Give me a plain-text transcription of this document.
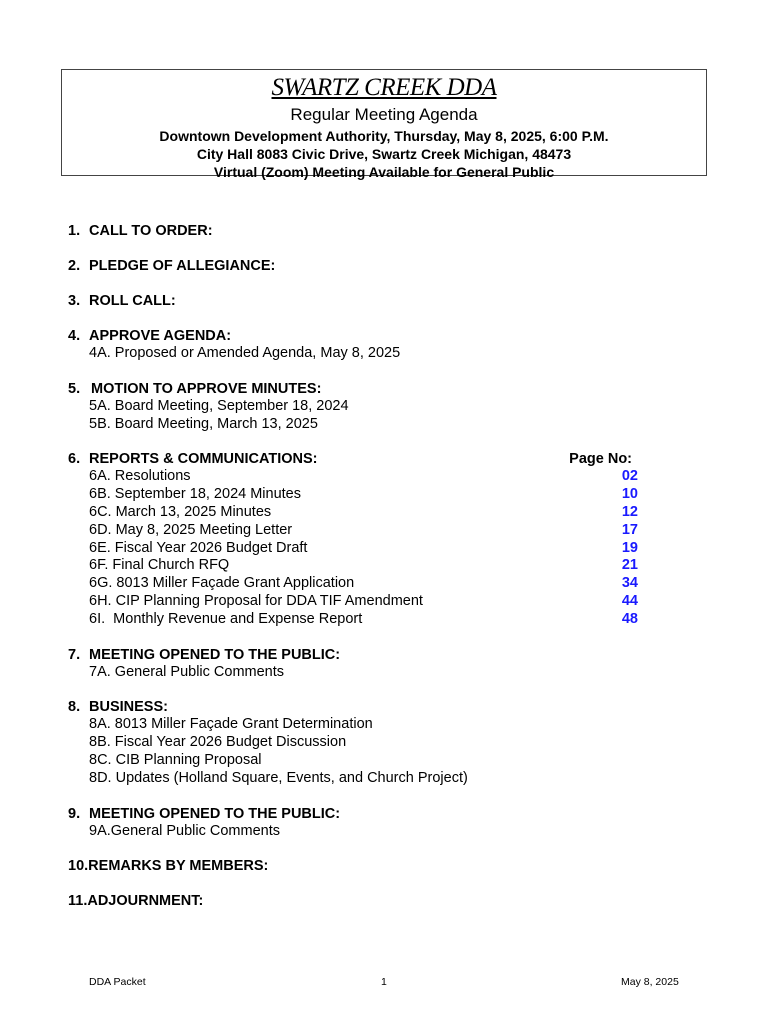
SWARTZ CREEK DDA
Regular Meeting Agenda
Downtown Development Authority, Thursday, May 8, 2025, 6:00 P.M.
City Hall 8083 Civic Drive, Swartz Creek Michigan, 48473
Virtual (Zoom) Meeting Available for General Public
1. CALL TO ORDER:
2. PLEDGE OF ALLEGIANCE:
3. ROLL CALL:
4. APPROVE AGENDA:
4A. Proposed or Amended Agenda, May 8, 2025
5. MOTION TO APPROVE MINUTES:
5A. Board Meeting, September 18, 2024
5B. Board Meeting, March 13, 2025
6. REPORTS & COMMUNICATIONS:	Page No:
6A. Resolutions	02
6B. September 18, 2024 Minutes	10
6C. March 13, 2025 Minutes	12
6D. May 8, 2025 Meeting Letter	17
6E. Fiscal Year 2026 Budget Draft	19
6F. Final Church RFQ	21
6G. 8013 Miller Façade Grant Application	34
6H. CIP Planning Proposal for DDA TIF Amendment	44
6I.  Monthly Revenue and Expense Report	48
7. MEETING OPENED TO THE PUBLIC:
7A. General Public Comments
8. BUSINESS:
8A. 8013 Miller Façade Grant Determination
8B. Fiscal Year 2026 Budget Discussion
8C. CIB Planning Proposal
8D. Updates (Holland Square, Events, and Church Project)
9. MEETING OPENED TO THE PUBLIC:
9A.General Public Comments
10. REMARKS BY MEMBERS:
11. ADJOURNMENT:
DDA Packet	1	May 8, 2025
